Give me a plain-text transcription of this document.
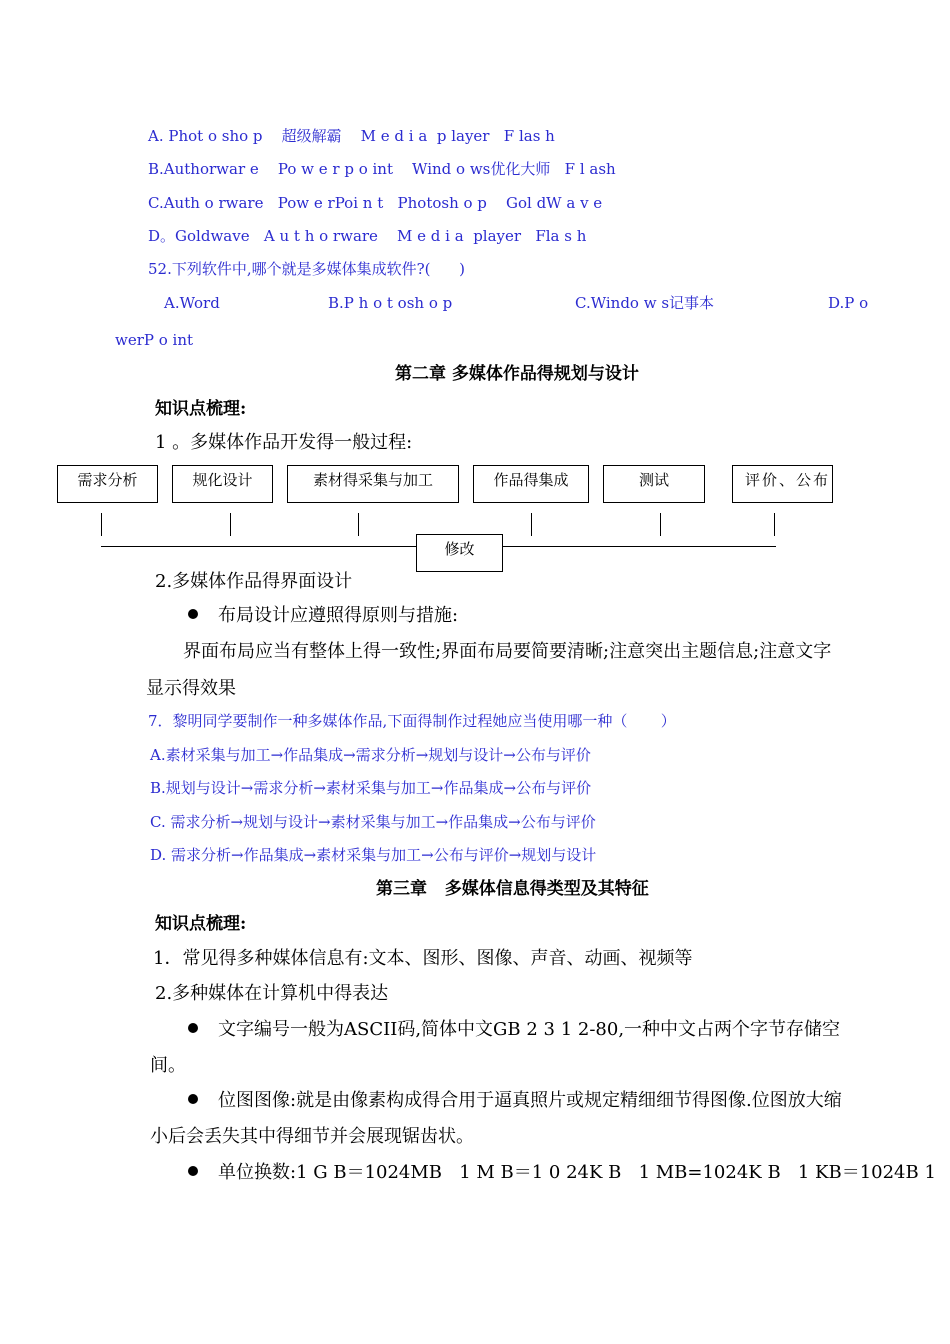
A. Phot o sho p    超级解霸    M e d i a  p layer   F las h
B.Authorwar e    Po w e r p o int    Wind o ws优化大师   F l ash
C.Auth o rware   Pow e rPoi n t   Photosh o p    Gol dW a v e
D。Goldwave   A u t h o rware    M e d i a  player   Fla s h
52.下列软件中,哪个就是多媒体集成软件?(      )
A.Word	B.P h o t osh o p	C.Windo w s记事本	D.P o
werP o int
第二章 多媒体作品得规划与设计
知识点梳理:
1 。多媒体作品开发得一般过程:
需求分析	规化设计	素材得采集与加工	作品得集成	测试	评价、公布
修改
2.多媒体作品得界面设计
布局设计应遵照得原则与措施:
界面布局应当有整体上得一致性;界面布局要简要清晰;注意突出主题信息;注意文字
显示得效果
7．黎明同学要制作一种多媒体作品,下面得制作过程她应当使用哪一种（       ）
A.素材采集与加工→作品集成→需求分析→规划与设计→公布与评价
B.规划与设计→需求分析→素材采集与加工→作品集成→公布与评价
C. 需求分析→规划与设计→素材采集与加工→作品集成→公布与评价
D. 需求分析→作品集成→素材采集与加工→公布与评价→规划与设计
第三章   多媒体信息得类型及其特征
知识点梳理:
1．常见得多种媒体信息有:文本、图形、图像、声音、动画、视频等
2.多种媒体在计算机中得表达
文字编号一般为ASCII码,简体中文GB 2 3 1 2-80,一种中文占两个字节存储空
间。
位图图像:就是由像素构成得合用于逼真照片或规定精细细节得图像.位图放大缩
小后会丢失其中得细节并会展现锯齿状。
单位换数:1 G B＝1024MB   1 M B＝1 0 24K B   1 MB=1024K B   1 KB＝1024B 1
